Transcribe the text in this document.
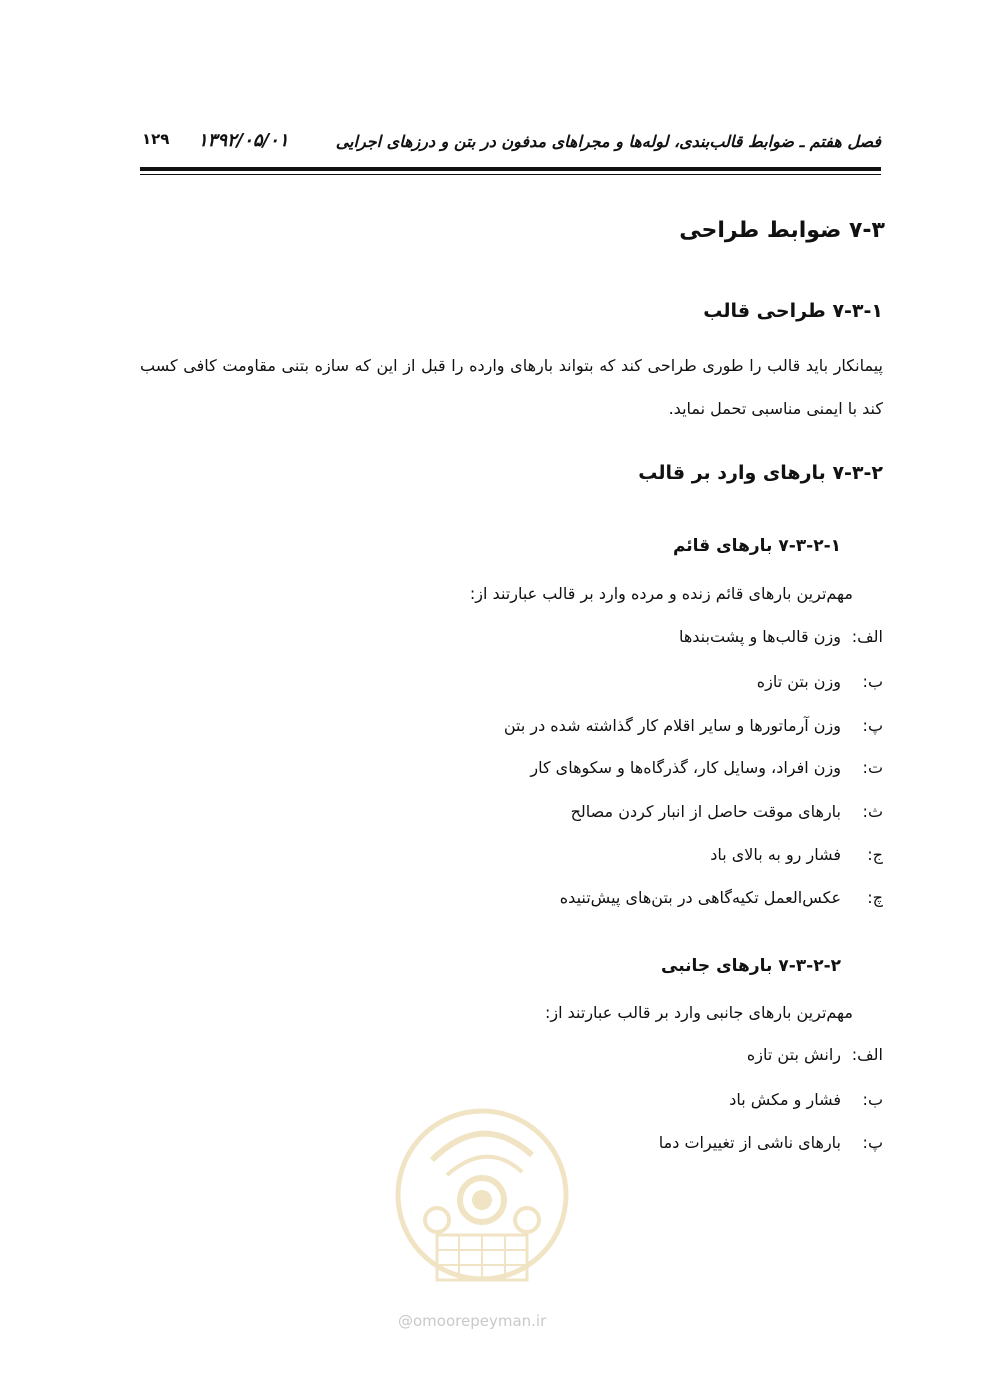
فصل هفتم ـ ضوابط قالب‌بندی، لوله‌ها و مجراهای مدفون در بتن و درزهای اجرایی
۱۳۹۲/۰۵/۰۱
۱۲۹
۷-۳ ضوابط طراحی
۷-۳-۱ طراحی قالب
پیمانکار باید قالب را طوری طراحی کند که بتواند بارهای وارده را قبل از این که سازه بتنی مقاومت کافی کسب کند با ایمنی مناسبی تحمل نماید.
۷-۳-۲ بارهای وارد بر قالب
۷-۳-۲-۱ بارهای قائم
مهم‌ترین بارهای قائم زنده و مرده وارد بر قالب عبارتند از:
الف:وزن قالب‌ها و پشت‌بندها
ب:وزن بتن تازه
پ:وزن آرماتورها و سایر اقلام کار گذاشته شده در بتن
ت:وزن افراد، وسایل کار، گذرگاه‌ها و سکوهای کار
ث:بارهای موقت حاصل از انبار کردن مصالح
ج:فشار رو به بالای باد
چ:عکس‌العمل تکیه‌گاهی در بتن‌های پیش‌تنیده
۷-۳-۲-۲ بارهای جانبی
مهم‌ترین بارهای جانبی وارد بر قالب عبارتند از:
الف:رانش بتن تازه
ب:فشار و مکش باد
پ:بارهای ناشی از تغییرات دما
@omoorepeyman.ir
